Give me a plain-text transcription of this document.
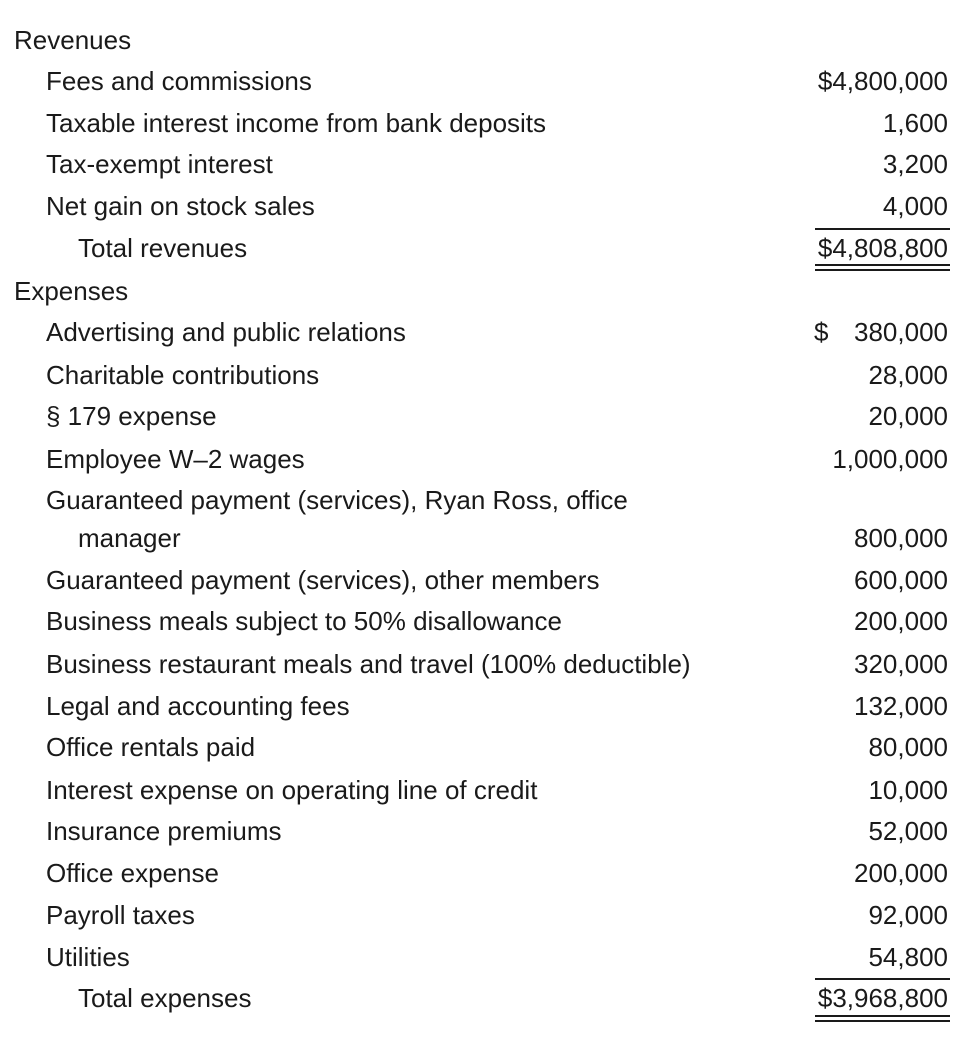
Revenues
Fees and commissions	$4,800,000
Taxable interest income from bank deposits	1,600
Tax-exempt interest	3,200
Net gain on stock sales	4,000
Total revenues	$4,808,800
Expenses
Advertising and public relations	$ 380,000
Charitable contributions	28,000
§ 179 expense	20,000
Employee W–2 wages	1,000,000
Guaranteed payment (services), Ryan Ross, office
manager	800,000
Guaranteed payment (services), other members	600,000
Business meals subject to 50% disallowance	200,000
Business restaurant meals and travel (100% deductible)	320,000
Legal and accounting fees	132,000
Office rentals paid	80,000
Interest expense on operating line of credit	10,000
Insurance premiums	52,000
Office expense	200,000
Payroll taxes	92,000
Utilities	54,800
Total expenses	$3,968,800
